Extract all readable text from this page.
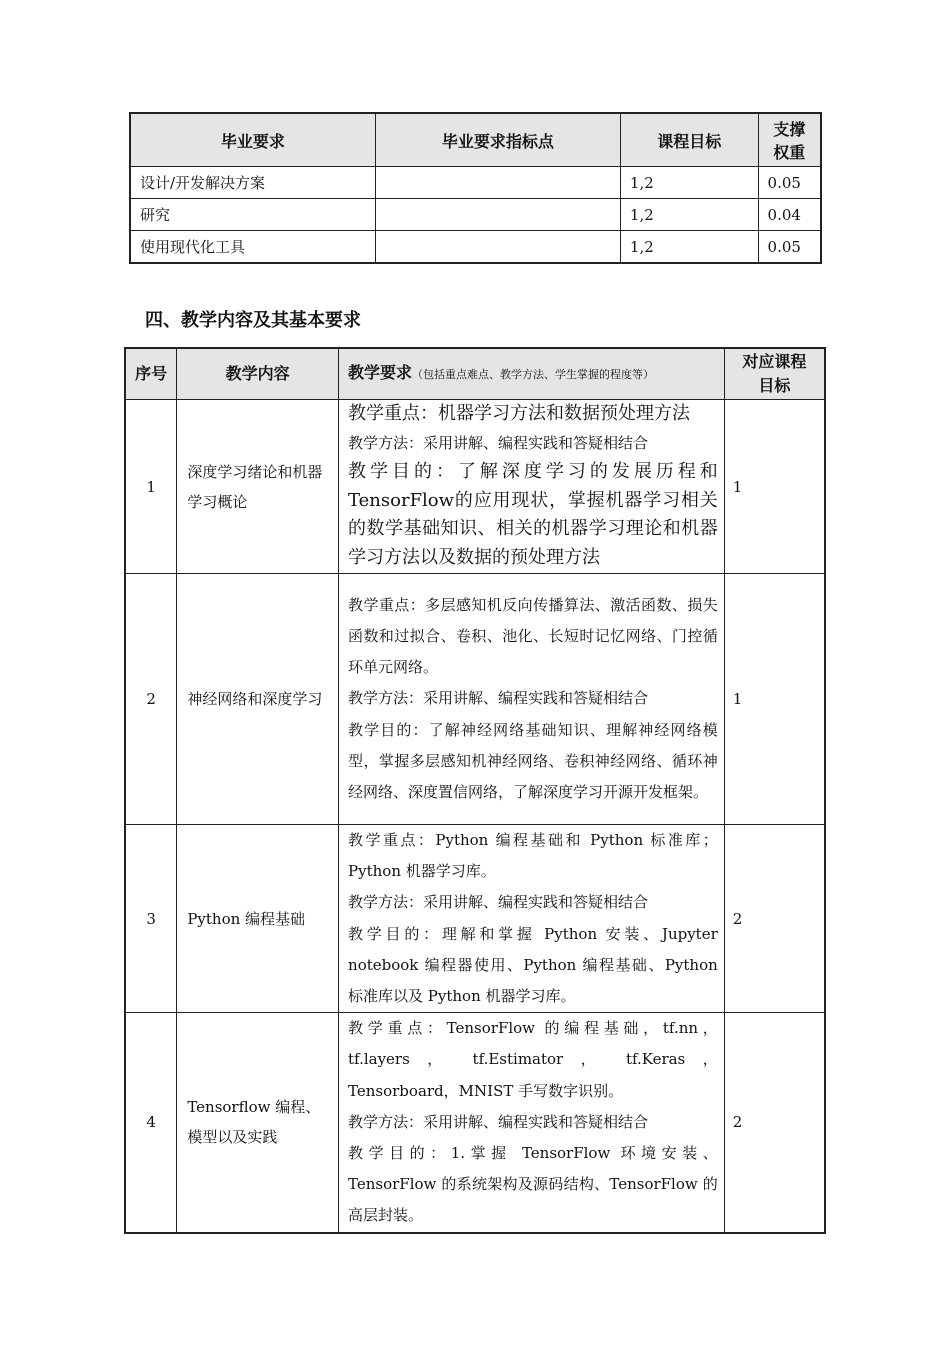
毕业要求	毕业要求指标点	课程目标	支撑权重
设计/开发解决方案		1,2	0.05
研究		1,2	0.04
使用现代化工具		1,2	0.05
四、教学内容及其基本要求
序号	教学内容	教学要求（包括重点难点、教学方法、学生掌握的程度等）	对应课程目标
1	深度学习绪论和机器学习概论	教学重点：机器学习方法和数据预处理方法
教学方法：采用讲解、编程实践和答疑相结合
教学目的：了解深度学习的发展历程和TensorFlow的应用现状，掌握机器学习相关的数学基础知识、相关的机器学习理论和机器学习方法以及数据的预处理方法	1
2	神经网络和深度学习	教学重点：多层感知机反向传播算法、激活函数、损失函数和过拟合、卷积、池化、长短时记忆网络、门控循环单元网络。
教学方法：采用讲解、编程实践和答疑相结合
教学目的：了解神经网络基础知识、理解神经网络模型，掌握多层感知机神经网络、卷积神经网络、循环神经网络、深度置信网络，了解深度学习开源开发框架。	1
3	Python 编程基础	教学重点：Python 编程基础和 Python 标准库；Python 机器学习库。
教学方法：采用讲解、编程实践和答疑相结合
教学目的：理解和掌握 Python 安装、Jupyter notebook 编程器使用、Python 编程基础、Python 标准库以及 Python 机器学习库。	2
4	Tensorflow 编程、模型以及实践	教学重点：TensorFlow 的编程基础，tf.nn，tf.layers ， tf.Estimator ， tf.Keras ，Tensorboard，MNIST 手写数字识别。
教学方法：采用讲解、编程实践和答疑相结合
教学目的：1.掌握 TensorFlow 环境安装、TensorFlow 的系统架构及源码结构、TensorFlow 的高层封装。	2
